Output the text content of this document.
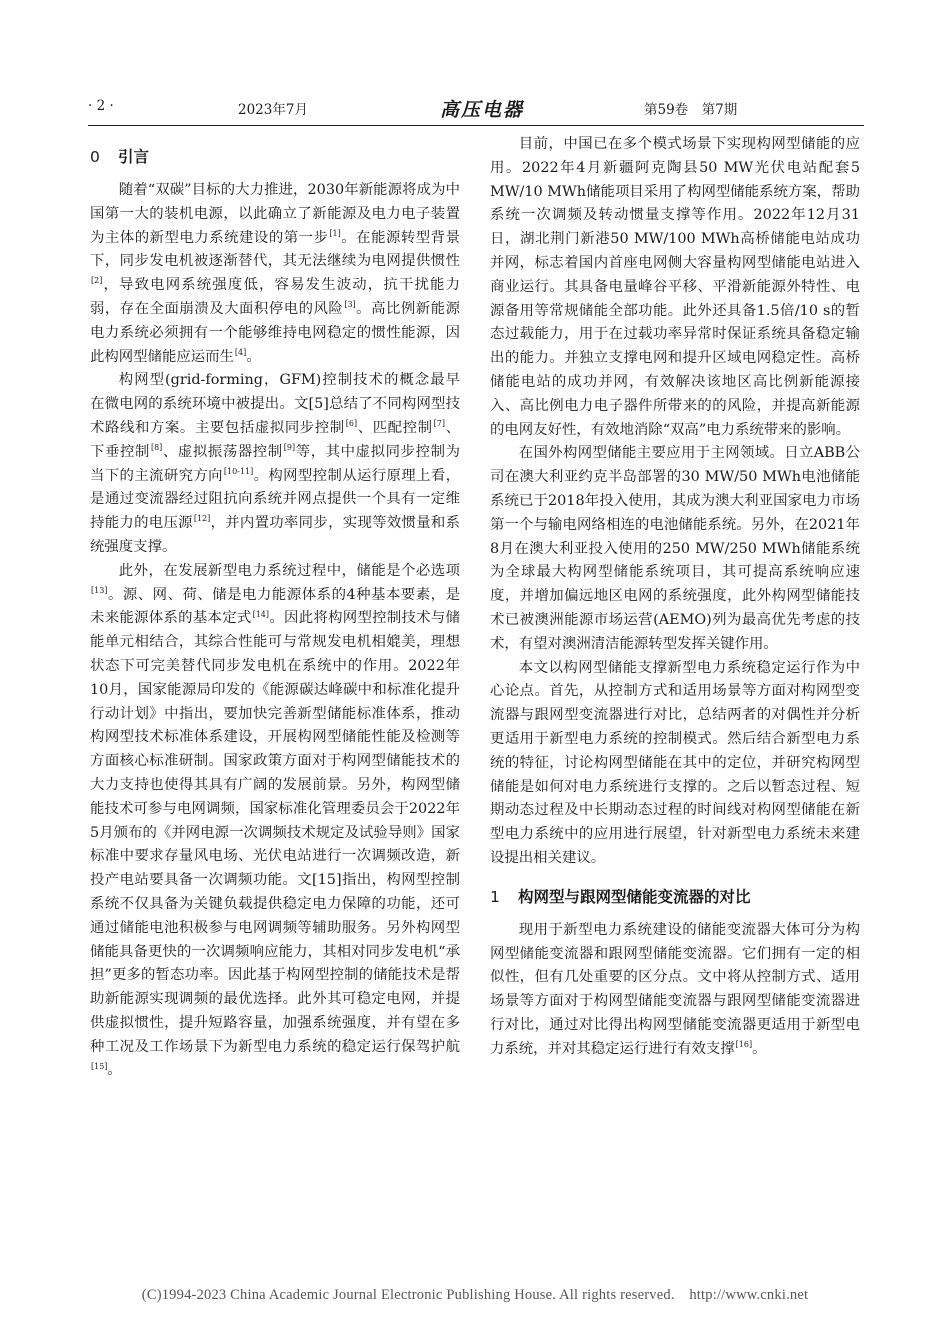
· 2 ·	2023年7月	高压电器	第59卷　第7期
0 引言

随着“双碳”目标的大力推进，2030年新能源将成为中国第一大的装机电源，以此确立了新能源及电力电子装置为主体的新型电力系统建设的第一步[1]。在能源转型背景下，同步发电机被逐渐替代，其无法继续为电网提供惯性[2]，导致电网系统强度低，容易发生波动，抗干扰能力弱，存在全面崩溃及大面积停电的风险[3]。高比例新能源电力系统必须拥有一个能够维持电网稳定的惯性能源，因此构网型储能应运而生[4]。

构网型(grid-forming，GFM)控制技术的概念最早在微电网的系统环境中被提出。文[5]总结了不同构网型技术路线和方案。主要包括虚拟同步控制[6]、匹配控制[7]、下垂控制[8]、虚拟振荡器控制[9]等，其中虚拟同步控制为当下的主流研究方向[10-11]。构网型控制从运行原理上看，是通过变流器经过阻抗向系统并网点提供一个具有一定维持能力的电压源[12]，并内置功率同步，实现等效惯量和系统强度支撑。

此外，在发展新型电力系统过程中，储能是个必选项[13]。源、网、荷、储是电力能源体系的4种基本要素，是未来能源体系的基本定式[14]。因此将构网型控制技术与储能单元相结合，其综合性能可与常规发电机相媲美，理想状态下可完美替代同步发电机在系统中的作用。2022年10月，国家能源局印发的《能源碳达峰碳中和标准化提升行动计划》中指出，要加快完善新型储能标准体系，推动构网型技术标准体系建设，开展构网型储能性能及检测等方面核心标准研制。国家政策方面对于构网型储能技术的大力支持也使得其具有广阔的发展前景。另外，构网型储能技术可参与电网调频，国家标准化管理委员会于2022年5月颁布的《并网电源一次调频技术规定及试验导则》国家标准中要求存量风电场、光伏电站进行一次调频改造，新投产电站要具备一次调频功能。文[15]指出，构网型控制系统不仅具备为关键负载提供稳定电力保障的功能，还可通过储能电池积极参与电网调频等辅助服务。另外构网型储能具备更快的一次调频响应能力，其相对同步发电机“承担”更多的暂态功率。因此基于构网型控制的储能技术是帮助新能源实现调频的最优选择。此外其可稳定电网，并提供虚拟惯性，提升短路容量，加强系统强度，并有望在多种工况及工作场景下为新型电力系统的稳定运行保驾护航[15]。

目前，中国已在多个模式场景下实现构网型储能的应用。2022年4月新疆阿克陶县50 MW光伏电站配套5 MW/10 MWh储能项目采用了构网型储能系统方案，帮助系统一次调频及转动惯量支撑等作用。2022年12月31日，湖北荆门新港50 MW/100 MWh高桥储能电站成功并网，标志着国内首座电网侧大容量构网型储能电站进入商业运行。其具备电量峰谷平移、平滑新能源外特性、电源备用等常规储能全部功能。此外还具备1.5倍/10 s的暂态过载能力，用于在过载功率异常时保证系统具备稳定输出的能力。并独立支撑电网和提升区域电网稳定性。高桥储能电站的成功并网，有效解决该地区高比例新能源接入、高比例电力电子器件所带来的的风险，并提高新能源的电网友好性，有效地消除“双高”电力系统带来的影响。

在国外构网型储能主要应用于主网领域。日立ABB公司在澳大利亚约克半岛部署的30 MW/50 MWh电池储能系统已于2018年投入使用，其成为澳大利亚国家电力市场第一个与输电网络相连的电池储能系统。另外，在2021年8月在澳大利亚投入使用的250 MW/250 MWh储能系统为全球最大构网型储能系统项目，其可提高系统响应速度，并增加偏远地区电网的系统强度，此外构网型储能技术已被澳洲能源市场运营(AEMO)列为最高优先考虑的技术，有望对澳洲清洁能源转型发挥关键作用。

本文以构网型储能支撑新型电力系统稳定运行作为中心论点。首先，从控制方式和适用场景等方面对构网型变流器与跟网型变流器进行对比，总结两者的对偶性并分析更适用于新型电力系统的控制模式。然后结合新型电力系统的特征，讨论构网型储能在其中的定位，并研究构网型储能是如何对电力系统进行支撑的。之后以暂态过程、短期动态过程及中长期动态过程的时间线对构网型储能在新型电力系统中的应用进行展望，针对新型电力系统未来建设提出相关建议。

1 构网型与跟网型储能变流器的对比

现用于新型电力系统建设的储能变流器大体可分为构网型储能变流器和跟网型储能变流器。它们拥有一定的相似性，但有几处重要的区分点。文中将从控制方式、适用场景等方面对于构网型储能变流器与跟网型储能变流器进行对比，通过对比得出构网型储能变流器更适用于新型电力系统，并对其稳定运行进行有效支撑[16]。

(C)1994-2023 China Academic Journal Electronic Publishing House. All rights reserved.　http://www.cnki.net
